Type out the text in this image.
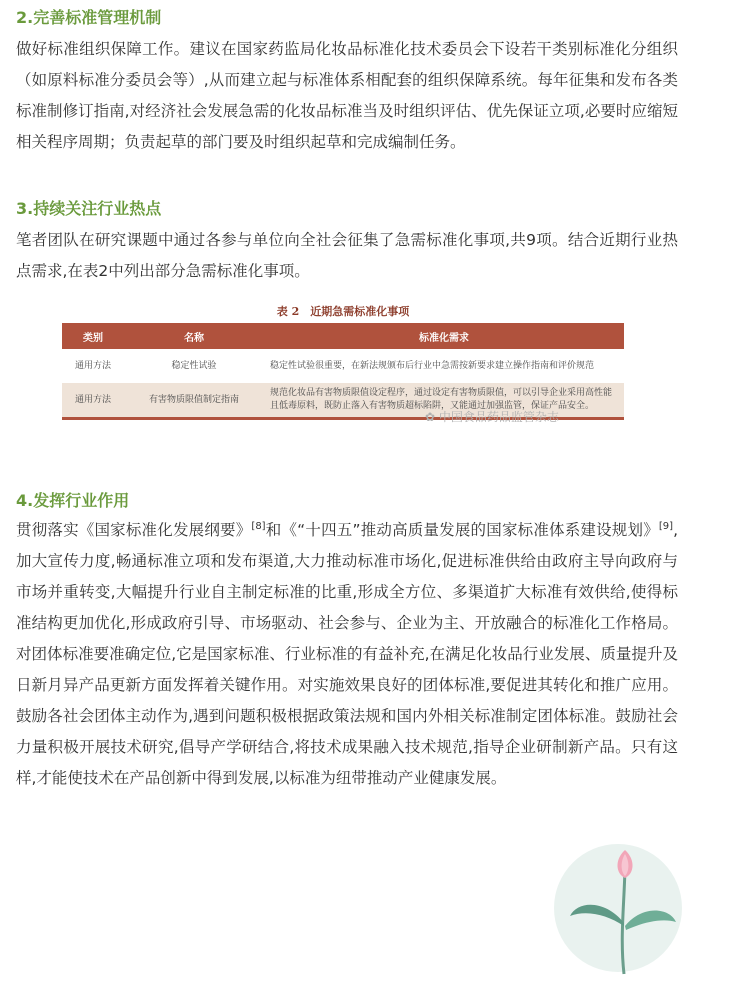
2.完善标准管理机制

做好标准组织保障工作。建议在国家药监局化妆品标准化技术委员会下设若干类别标准化分组织（如原料标准分委员会等）,从而建立起与标准体系相配套的组织保障系统。每年征集和发布各类标准制修订指南,对经济社会发展急需的化妆品标准当及时组织评估、优先保证立项,必要时应缩短相关程序周期；负责起草的部门要及时组织起草和完成编制任务。

3.持续关注行业热点

笔者团队在研究课题中通过各参与单位向全社会征集了急需标准化事项,共9项。结合近期行业热点需求,在表2中列出部分急需标准化事项。

表 2　近期急需标准化事项
类别	名称	标准化需求
通用方法	稳定性试验	稳定性试验很重要，在新法规颁布后行业中急需按新要求建立操作指南和评价规范
通用方法	有害物质限值制定指南	规范化妆品有害物质限值设定程序，通过设定有害物质限值，可以引导企业采用高性能且低毒原料，既防止落入有害物质超标陷阱，又能通过加强监管，保证产品安全。
✿ 中国食品药品监管杂志
4.发挥行业作用

贯彻落实《国家标准化发展纲要》[8]和《“十四五”推动高质量发展的国家标准体系建设规划》[9],加大宣传力度,畅通标准立项和发布渠道,大力推动标准市场化,促进标准供给由政府主导向政府与市场并重转变,大幅提升行业自主制定标准的比重,形成全方位、多渠道扩大标准有效供给,使得标准结构更加优化,形成政府引导、市场驱动、社会参与、企业为主、开放融合的标准化工作格局。对团体标准要准确定位,它是国家标准、行业标准的有益补充,在满足化妆品行业发展、质量提升及日新月异产品更新方面发挥着关键作用。对实施效果良好的团体标准,要促进其转化和推广应用。鼓励各社会团体主动作为,遇到问题积极根据政策法规和国内外相关标准制定团体标准。鼓励社会力量积极开展技术研究,倡导产学研结合,将技术成果融入技术规范,指导企业研制新产品。只有这样,才能使技术在产品创新中得到发展,以标准为纽带推动产业健康发展。
